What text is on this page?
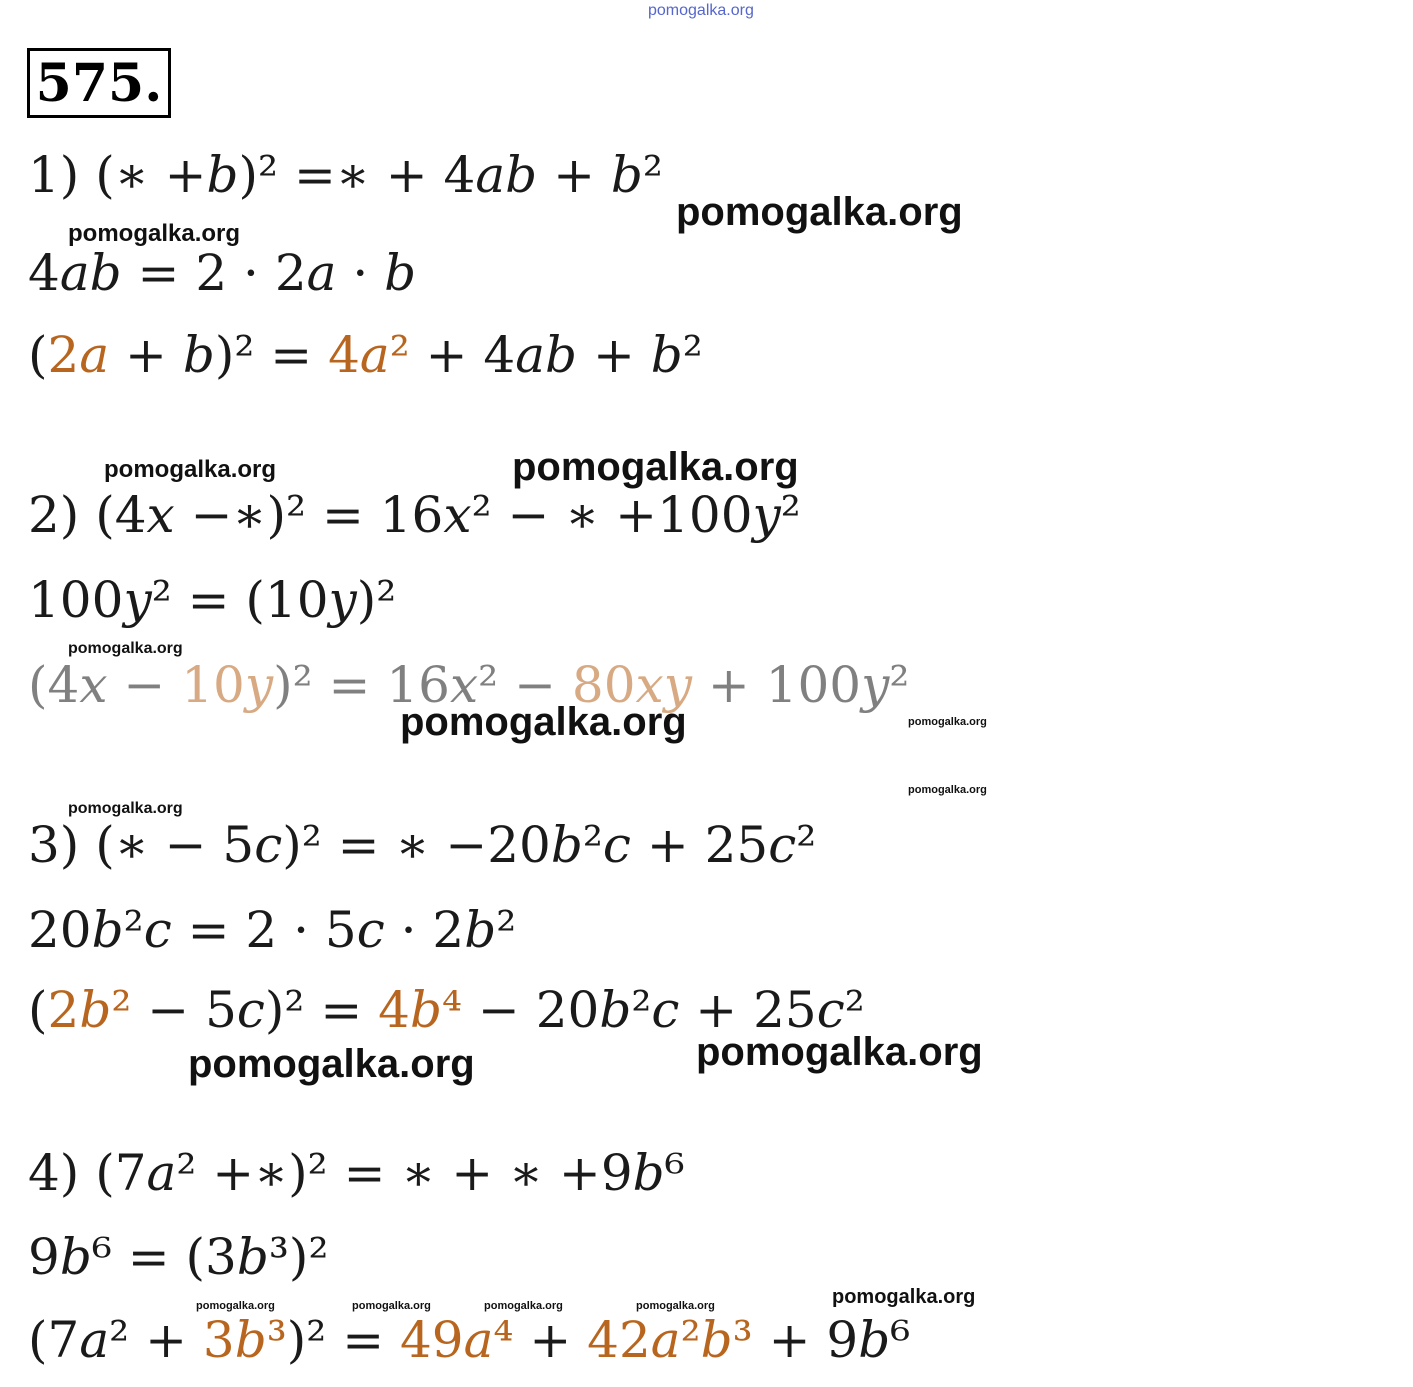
pomogalka.org
575.
1) (∗ +b)² =∗ + 4ab + b²
4ab = 2 · 2a · b
(2a + b)² = 4a² + 4ab + b²
2) (4x −∗)² = 16x² − ∗ +100y²
100y² = (10y)²
(4x − 10y)² = 16x² − 80xy + 100y²
3) (∗ − 5c)² = ∗ −20b²c + 25c²
20b²c = 2 · 5c · 2b²
(2b² − 5c)² = 4b⁴ − 20b²c + 25c²
4) (7a² +∗)² = ∗ + ∗ +9b⁶
9b⁶ = (3b³)²
(7a² + 3b³)² = 49a⁴ + 42a²b³ + 9b⁶
pomogalka.org
pomogalka.org
pomogalka.org	pomogalka.org
pomogalka.org
pomogalka.org	pomogalka.org
pomogalka.org
pomogalka.org
pomogalka.org	pomogalka.org
pomogalka.org
pomogalka.org	pomogalka.org	pomogalka.org	pomogalka.org
